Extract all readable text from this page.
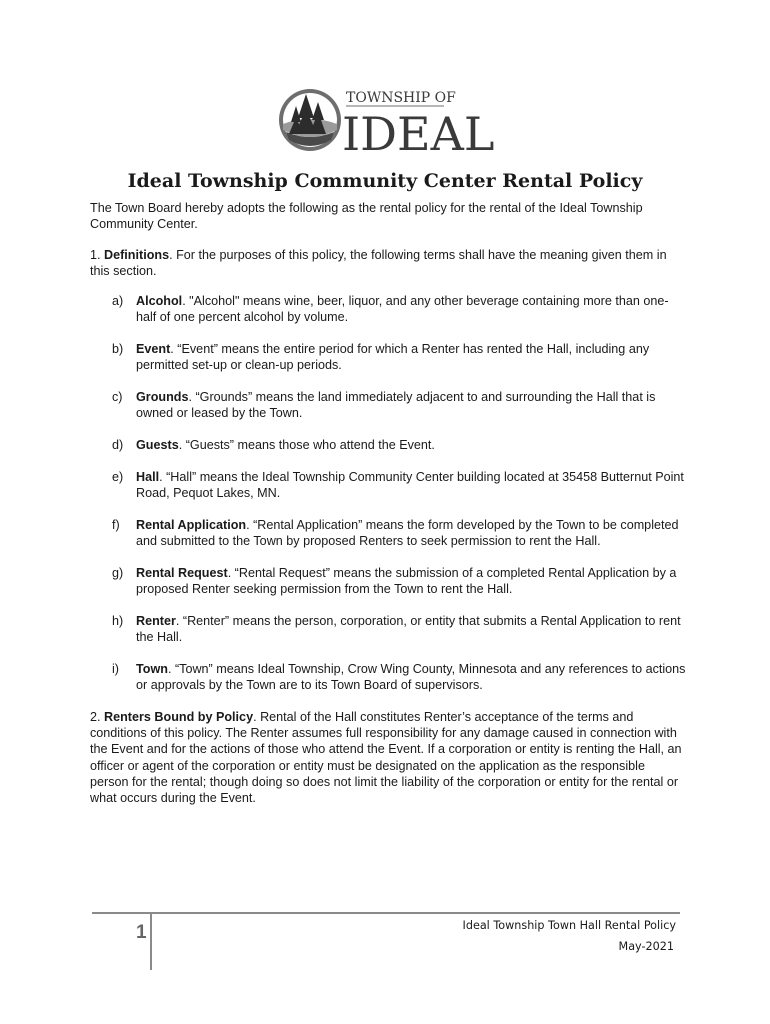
TOWNSHIP OF
IDEAL
Ideal Township Community Center Rental Policy

The Town Board hereby adopts the following as the rental policy for the rental of the Ideal Township Community Center.

1. Definitions. For the purposes of this policy, the following terms shall have the meaning given them in this section.

a) Alcohol. "Alcohol" means wine, beer, liquor, and any other beverage containing more than one-half of one percent alcohol by volume.
b) Event. “Event” means the entire period for which a Renter has rented the Hall, including any permitted set-up or clean-up periods.
c) Grounds. “Grounds” means the land immediately adjacent to and surrounding the Hall that is owned or leased by the Town.
d) Guests. “Guests” means those who attend the Event.
e) Hall. “Hall” means the Ideal Township Community Center building located at 35458 Butternut Point Road, Pequot Lakes, MN.
f) Rental Application. “Rental Application” means the form developed by the Town to be completed and submitted to the Town by proposed Renters to seek permission to rent the Hall.
g) Rental Request. “Rental Request” means the submission of a completed Rental Application by a proposed Renter seeking permission from the Town to rent the Hall.
h) Renter. “Renter” means the person, corporation, or entity that submits a Rental Application to rent the Hall.
i) Town. “Town” means Ideal Township, Crow Wing County, Minnesota and any references to actions or approvals by the Town are to its Town Board of supervisors.

2. Renters Bound by Policy. Rental of the Hall constitutes Renter’s acceptance of the terms and conditions of this policy. The Renter assumes full responsibility for any damage caused in connection with the Event and for the actions of those who attend the Event. If a corporation or entity is renting the Hall, an officer or agent of the corporation or entity must be designated on the application as the responsible person for the rental; though doing so does not limit the liability of the corporation or entity for the rental or what occurs during the Event.

1	Ideal Township Town Hall Rental Policy
May-2021
